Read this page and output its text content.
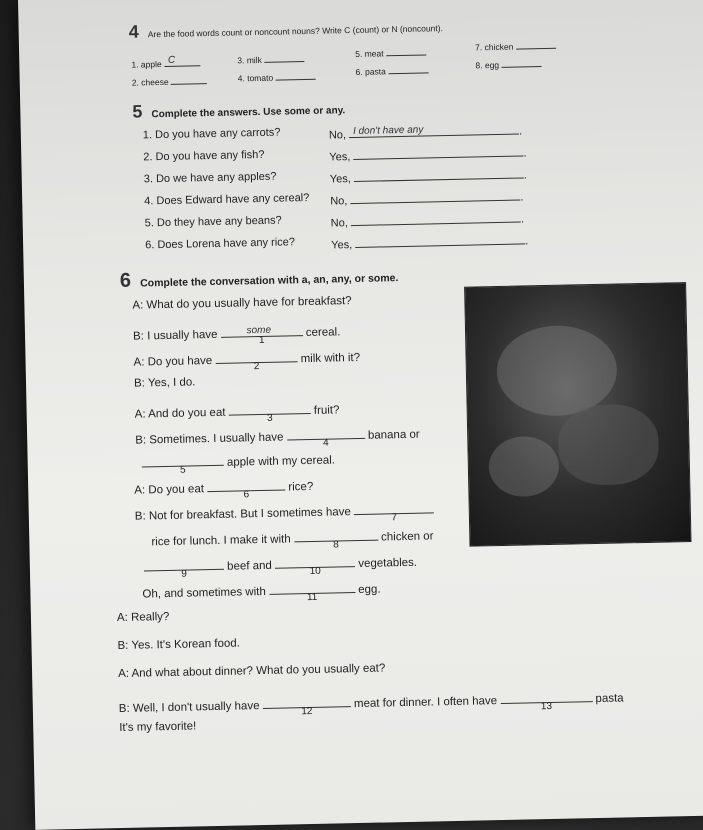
4 Are the food words count or noncount nouns? Write C (count) or N (noncount).
1. apple C
2. cheese
3. milk
4. tomato
5. meat
6. pasta
7. chicken
8. egg
5 Complete the answers. Use some or any.
1. Do you have any carrots?	No, I don't have any	.
2. Do you have any fish?	Yes,	.
3. Do we have any apples?	Yes,	.
4. Does Edward have any cereal? No,	.
5. Do they have any beans?	No,	.
6. Does Lorena have any rice?	Yes,	.
6 Complete the conversation with a, an, any, or some.
A: What do you usually have for breakfast?
B: I usually have	some
1
cereal.
A: Do you have	2
milk with it?
B: Yes, I do.
A: And do you eat	3
fruit?
B: Sometimes. I usually have	4
banana or
5
apple with my cereal.
A: Do you eat	6
rice?
B: Not for breakfast. But I sometimes have	7
rice for lunch. I make it with	8
chicken or
9
beef and	10
vegetables.
Oh, and sometimes with	11
egg.
A: Really?
B: Yes. It's Korean food.
A: And what about dinner? What do you usually eat?
B: Well, I don't usually have	12
meat for dinner. I often have	13
pasta
It's my favorite!
